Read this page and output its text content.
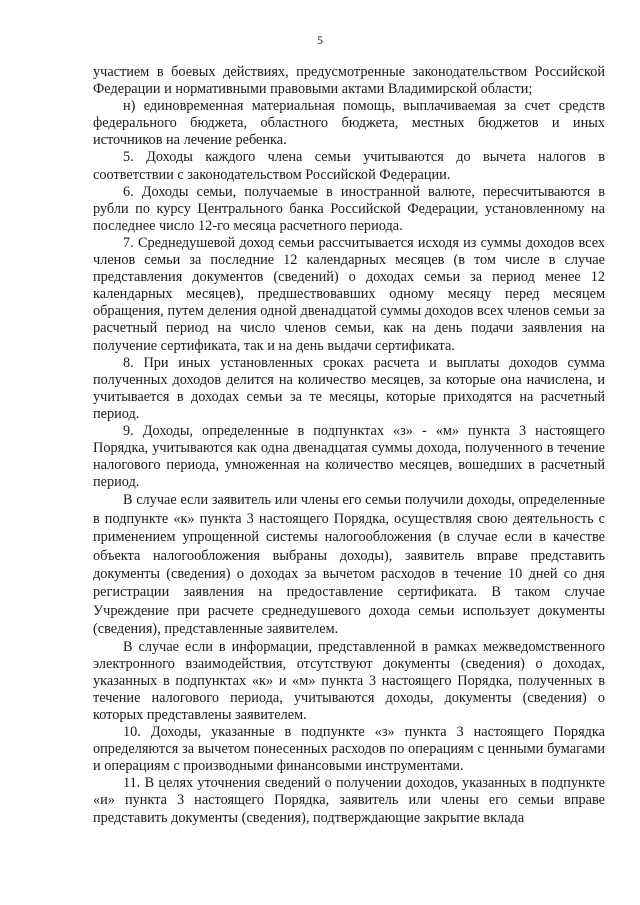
5

участием в боевых действиях, предусмотренные законодательством Российской Федерации и нормативными правовыми актами Владимирской области;

н) единовременная материальная помощь, выплачиваемая за счет средств федерального бюджета, областного бюджета, местных бюджетов и иных источников на лечение ребенка.

5. Доходы каждого члена семьи учитываются до вычета налогов в соответствии с законодательством Российской Федерации.

6. Доходы семьи, получаемые в иностранной валюте, пересчитываются в рубли по курсу Центрального банка Российской Федерации, установленному на последнее число 12-го месяца расчетного периода.

7. Среднедушевой доход семьи рассчитывается исходя из суммы доходов всех членов семьи за последние 12 календарных месяцев (в том числе в случае представления документов (сведений) о доходах семьи за период менее 12 календарных месяцев), предшествовавших одному месяцу перед месяцем обращения, путем деления одной двенадцатой суммы доходов всех членов семьи за расчетный период на число членов семьи, как на день подачи заявления на получение сертификата, так и на день выдачи сертификата.

8. При иных установленных сроках расчета и выплаты доходов сумма полученных доходов делится на количество месяцев, за которые она начислена, и учитывается в доходах семьи за те месяцы, которые приходятся на расчетный период.

9. Доходы, определенные в подпунктах «з» - «м» пункта 3 настоящего Порядка, учитываются как одна двенадцатая суммы дохода, полученного в течение налогового периода, умноженная на количество месяцев, вошедших в расчетный период.

В случае если заявитель или члены его семьи получили доходы, определенные в подпункте «к» пункта 3 настоящего Порядка, осуществляя свою деятельность с применением упрощенной системы налогообложения (в случае если в качестве объекта налогообложения выбраны доходы), заявитель вправе представить документы (сведения) о доходах за вычетом расходов в течение 10 дней со дня регистрации заявления на предоставление сертификата. В таком случае Учреждение при расчете среднедушевого дохода семьи использует документы (сведения), представленные заявителем.

В случае если в информации, представленной в рамках межведомственного электронного взаимодействия, отсутствуют документы (сведения) о доходах, указанных в подпунктах «к» и «м» пункта 3 настоящего Порядка, полученных в течение налогового периода, учитываются доходы, документы (сведения) о которых представлены заявителем.

10. Доходы, указанные в подпункте «з» пункта 3 настоящего Порядка определяются за вычетом понесенных расходов по операциям с ценными бумагами и операциям с производными финансовыми инструментами.

11. В целях уточнения сведений о получении доходов, указанных в подпункте «и» пункта 3 настоящего Порядка, заявитель или члены его семьи вправе представить документы (сведения), подтверждающие закрытие вклада
